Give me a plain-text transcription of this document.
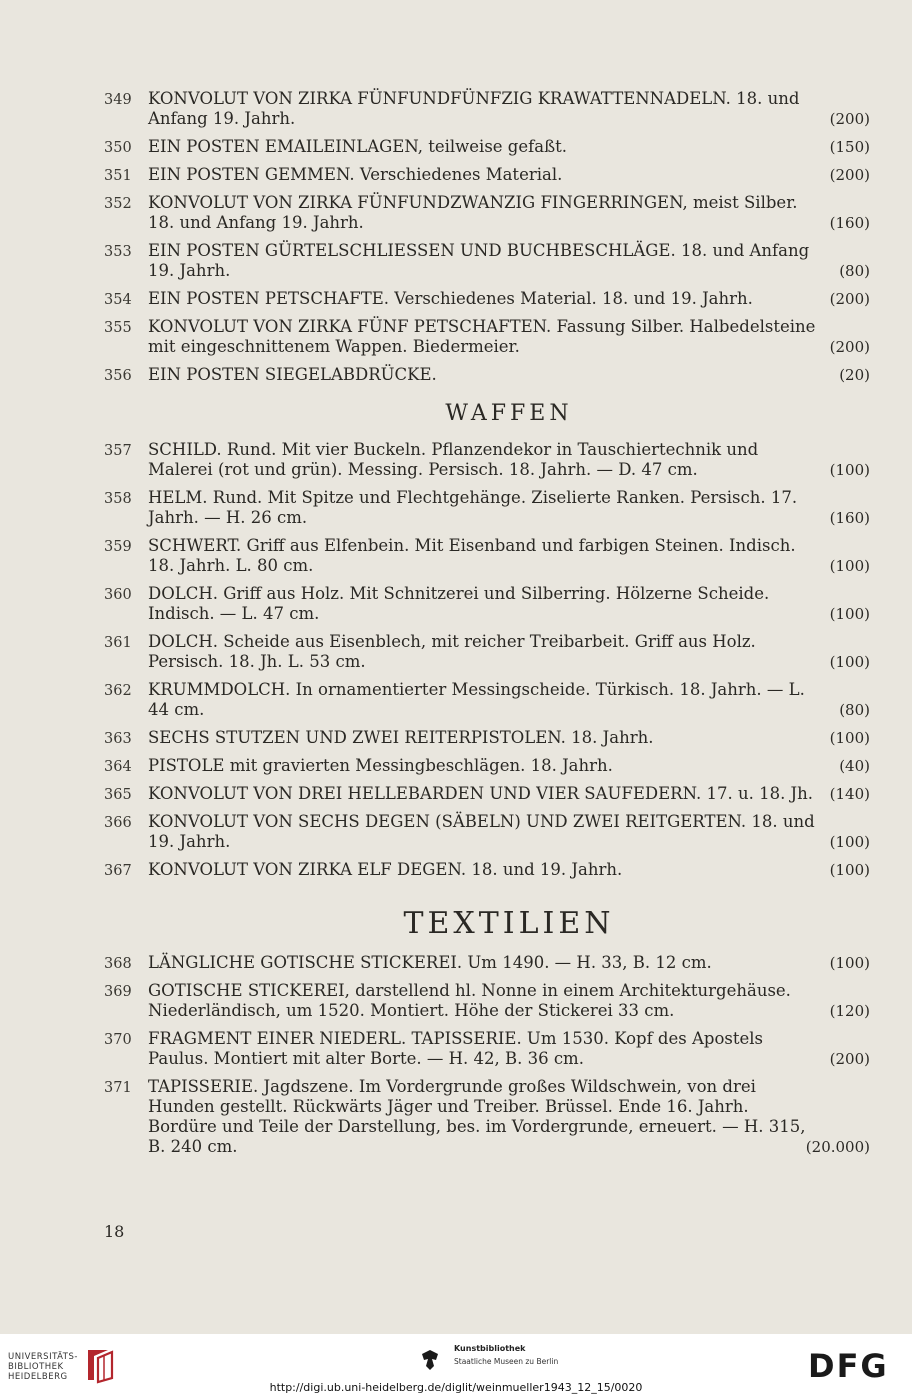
349 KONVOLUT VON ZIRKA FÜNFUNDFÜNFZIG KRAWATTENNADELN. 18. und Anfang 19. Jahrh.	(200)
350 EIN POSTEN EMAILEINLAGEN, teilweise gefaßt.	(150)
351 EIN POSTEN GEMMEN. Verschiedenes Material.	(200)
352 KONVOLUT VON ZIRKA FÜNFUNDZWANZIG FINGERRINGEN, meist Silber. 18. und Anfang 19. Jahrh.	(160)
353 EIN POSTEN GÜRTELSCHLIESSEN UND BUCHBESCHLÄGE. 18. und Anfang 19. Jahrh.	(80)
354 EIN POSTEN PETSCHAFTE. Verschiedenes Material. 18. und 19. Jahrh.	(200)
355 KONVOLUT VON ZIRKA FÜNF PETSCHAFTEN. Fassung Silber. Halbedelsteine mit eingeschnittenem Wappen. Biedermeier.	(200)
356 EIN POSTEN SIEGELABDRÜCKE.	(20)
WAFFEN
357 SCHILD. Rund. Mit vier Buckeln. Pflanzendekor in Tauschiertechnik und Malerei (rot und grün). Messing. Persisch. 18. Jahrh. — D. 47 cm.	(100)
358 HELM. Rund. Mit Spitze und Flechtgehänge. Ziselierte Ranken. Persisch. 17. Jahrh. — H. 26 cm.	(160)
359 SCHWERT. Griff aus Elfenbein. Mit Eisenband und farbigen Steinen. Indisch. 18. Jahrh. L. 80 cm.	(100)
360 DOLCH. Griff aus Holz. Mit Schnitzerei und Silberring. Hölzerne Scheide. Indisch. — L. 47 cm.	(100)
361 DOLCH. Scheide aus Eisenblech, mit reicher Treibarbeit. Griff aus Holz. Persisch. 18. Jh. L. 53 cm.	(100)
362 KRUMMDOLCH. In ornamentierter Messingscheide. Türkisch. 18. Jahrh. — L. 44 cm.	(80)
363 SECHS STUTZEN UND ZWEI REITERPISTOLEN. 18. Jahrh.	(100)
364 PISTOLE mit gravierten Messingbeschlägen. 18. Jahrh.	(40)
365 KONVOLUT VON DREI HELLEBARDEN UND VIER SAUFEDERN. 17. u. 18. Jh. (140)
366 KONVOLUT VON SECHS DEGEN (SÄBELN) UND ZWEI REITGERTEN. 18. und 19. Jahrh.	(100)
367 KONVOLUT VON ZIRKA ELF DEGEN. 18. und 19. Jahrh.	(100)
TEXTILIEN
368 LÄNGLICHE GOTISCHE STICKEREI. Um 1490. — H. 33, B. 12 cm.	(100)
369 GOTISCHE STICKEREI, darstellend hl. Nonne in einem Architekturgehäuse. Niederländisch, um 1520. Montiert. Höhe der Stickerei 33 cm.	(120)
370 FRAGMENT EINER NIEDERL. TAPISSERIE. Um 1530. Kopf des Apostels Paulus. Montiert mit alter Borte. — H. 42, B. 36 cm.	(200)
371 TAPISSERIE. Jagdszene. Im Vordergrunde großes Wildschwein, von drei Hunden gestellt. Rückwärts Jäger und Treiber. Brüssel. Ende 16. Jahrh. Bordüre und Teile der Darstellung, bes. im Vordergrunde, erneuert. — H. 315, B. 240 cm.	(20.000)
18
UNIVERSITÄTS-
BIBLIOTHEK
HEIDELBERG
Kunstbibliothek
Staatliche Museen zu Berlin	DFG
http://digi.ub.uni-heidelberg.de/diglit/weinmueller1943_12_15/0020
